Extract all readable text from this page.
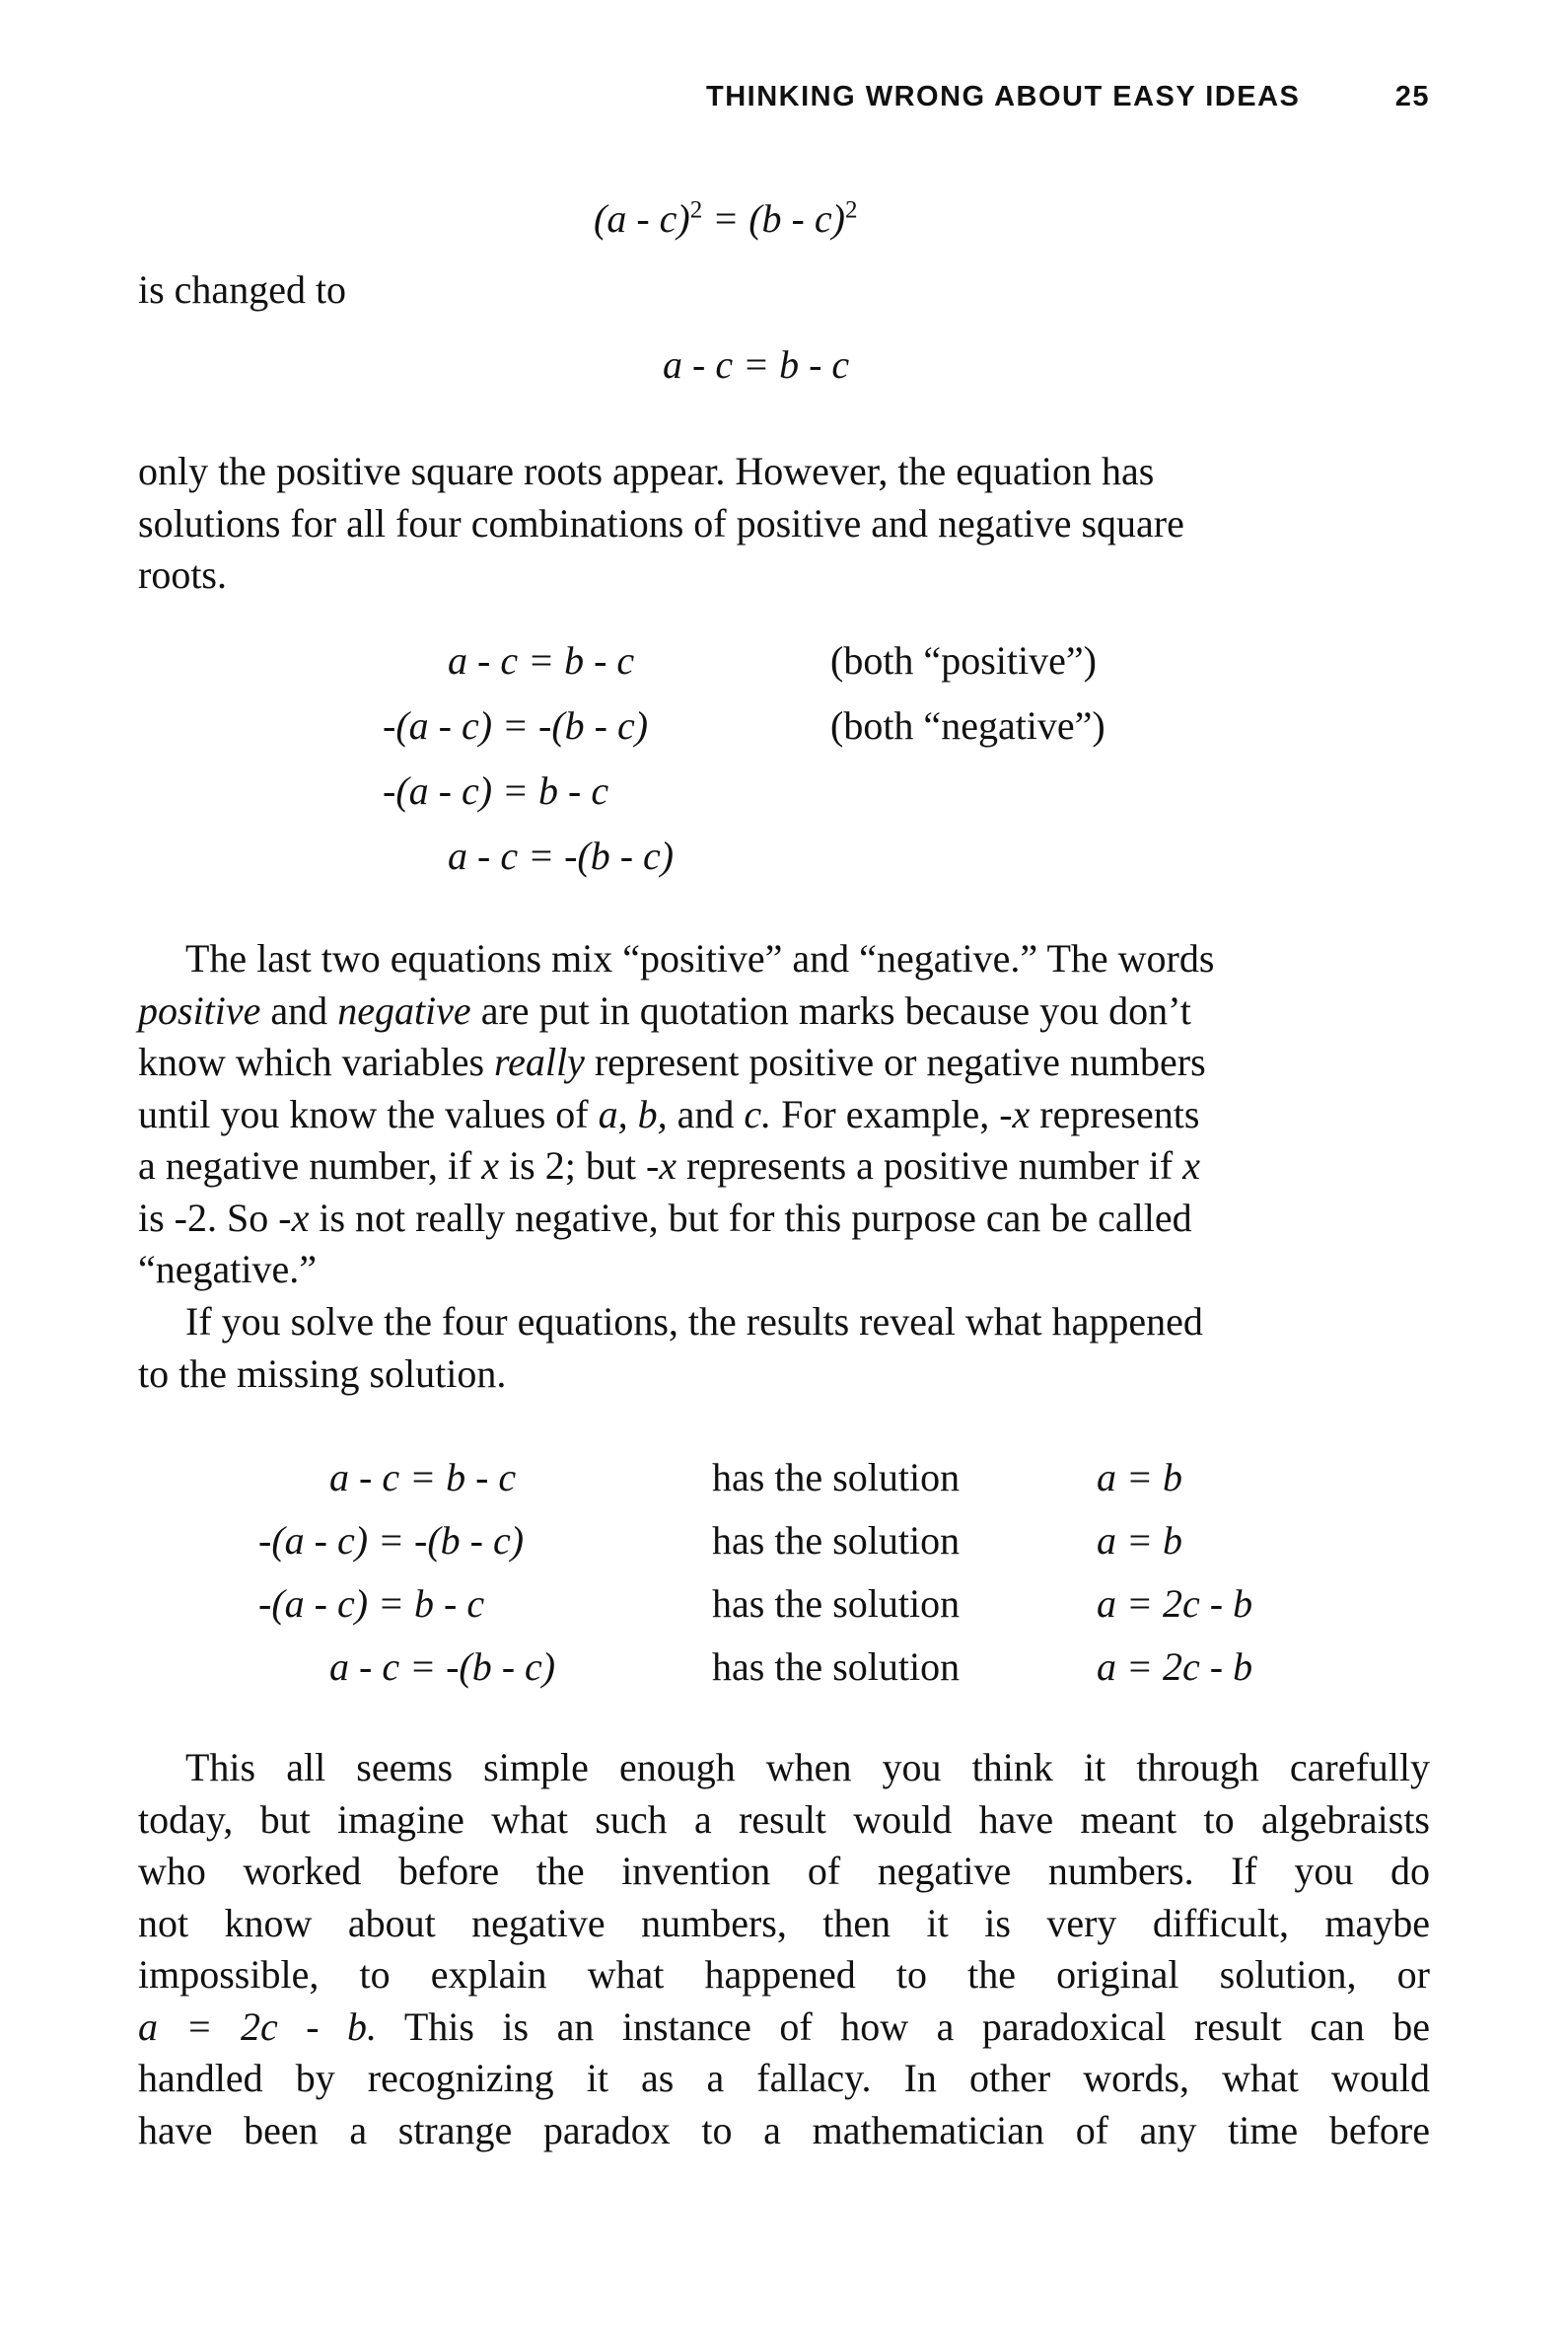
THINKING WRONG ABOUT EASY IDEAS	25
(a - c)$^2$ = (b - c)$^2$
is changed to
a - c = b - c
only the positive square roots appear. However, the equation has
solutions for all four combinations of positive and negative square
roots.
a - c = b - c	(both “positive”)
-(a - c) = -(b - c)	(both “negative”)
-(a - c) = b - c
a - c = -(b - c)
The last two equations mix “positive” and “negative.” The words
positive and negative are put in quotation marks because you don’t
know which variables really represent positive or negative numbers
until you know the values of a, b, and c. For example, -x represents
a negative number, if x is 2; but -x represents a positive number if x
is -2. So -x is not really negative, but for this purpose can be called
“negative.”
If you solve the four equations, the results reveal what happened
to the missing solution.
a - c = b - c	has the solution	a = b
-(a - c) = -(b - c)	has the solution	a = b
-(a - c) = b - c	has the solution	a = 2c - b
a - c = -(b - c)	has the solution	a = 2c - b
This all seems simple enough when you think it through carefully
today, but imagine what such a result would have meant to algebraists
who worked before the invention of negative numbers. If you do
not know about negative numbers, then it is very difficult, maybe
impossible, to explain what happened to the original solution, or
a = 2c - b. This is an instance of how a paradoxical result can be
handled by recognizing it as a fallacy. In other words, what would
have been a strange paradox to a mathematician of any time before
